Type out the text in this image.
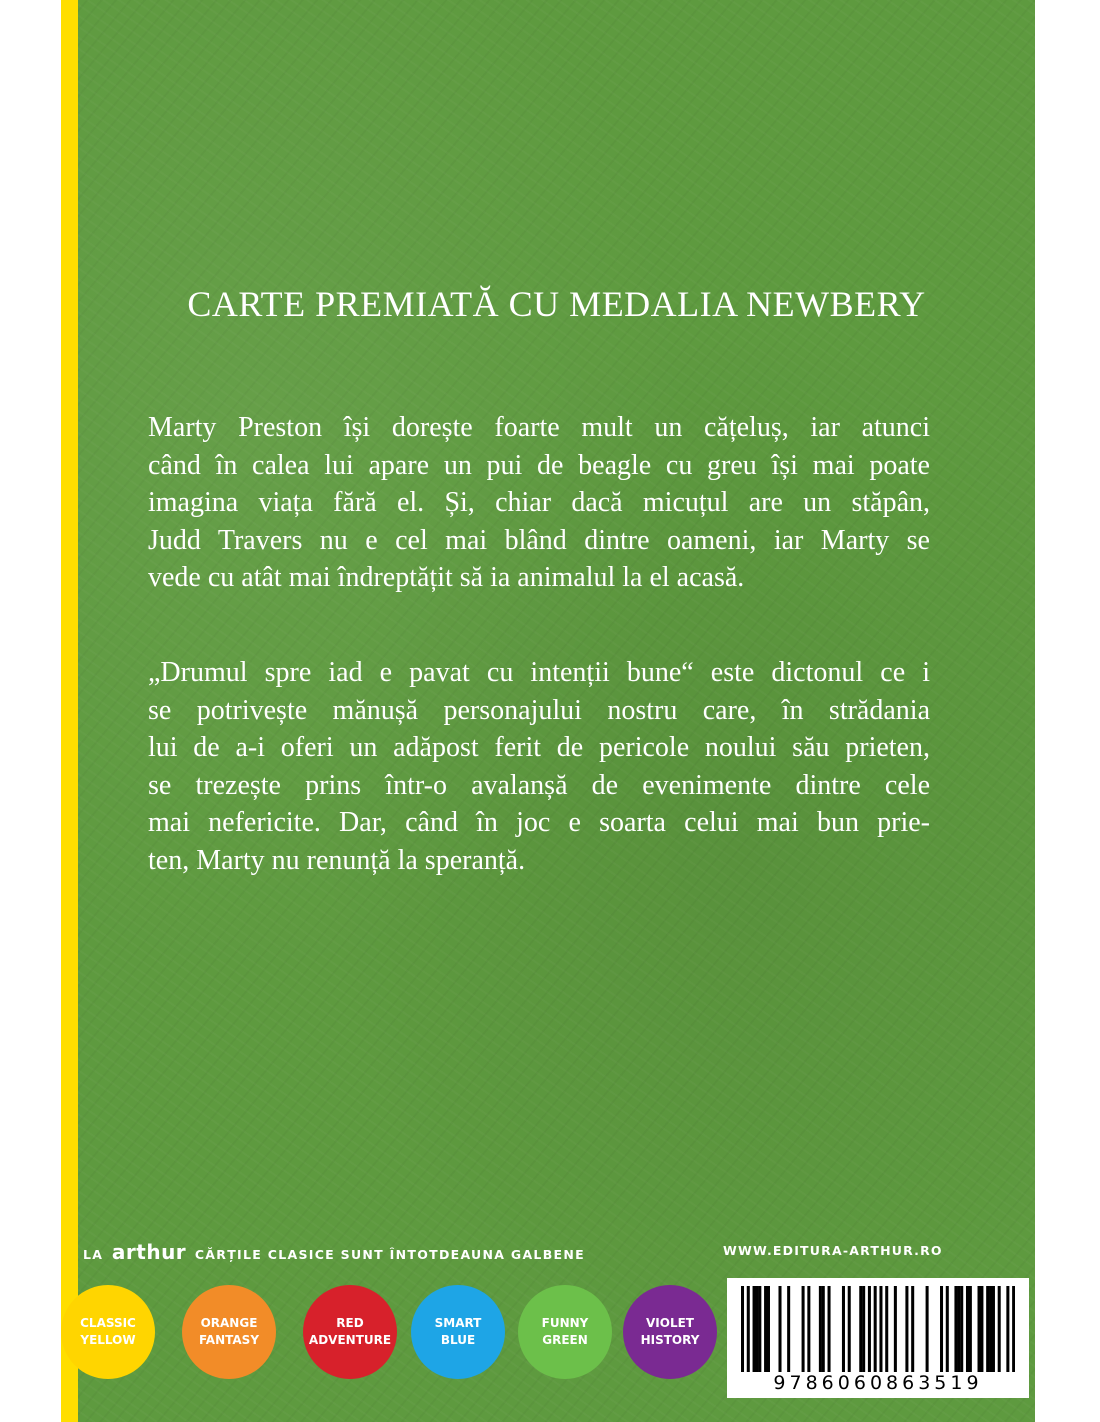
CARTE PREMIATĂ CU MEDALIA NEWBERY
Marty Preston își dorește foarte mult un cățeluș, iar atunci
când în calea lui apare un pui de beagle cu greu își mai poate
imagina viața fără el. Și, chiar dacă micuțul are un stăpân,
Judd Travers nu e cel mai blând dintre oameni, iar Marty se
vede cu atât mai îndreptățit să ia animalul la el acasă.
„Drumul spre iad e pavat cu intenții bune“ este dictonul ce i
se potrivește mănușă personajului nostru care, în strădania
lui de a-i oferi un adăpost ferit de pericole noului său prieten,
se trezește prins într-o avalanșă de evenimente dintre cele
mai nefericite. Dar, când în joc e soarta celui mai bun prie-
ten, Marty nu renunță la speranță.
LA arthur CĂRȚILE CLASICE SUNT ÎNTOTDEAUNA GALBENE	WWW.EDITURA-ARTHUR.RO
CLASSIC
YELLOW
ORANGE
FANTASY
RED
ADVENTURE
SMART
BLUE
FUNNY
GREEN
VIOLET
HISTORY
9786060863519
